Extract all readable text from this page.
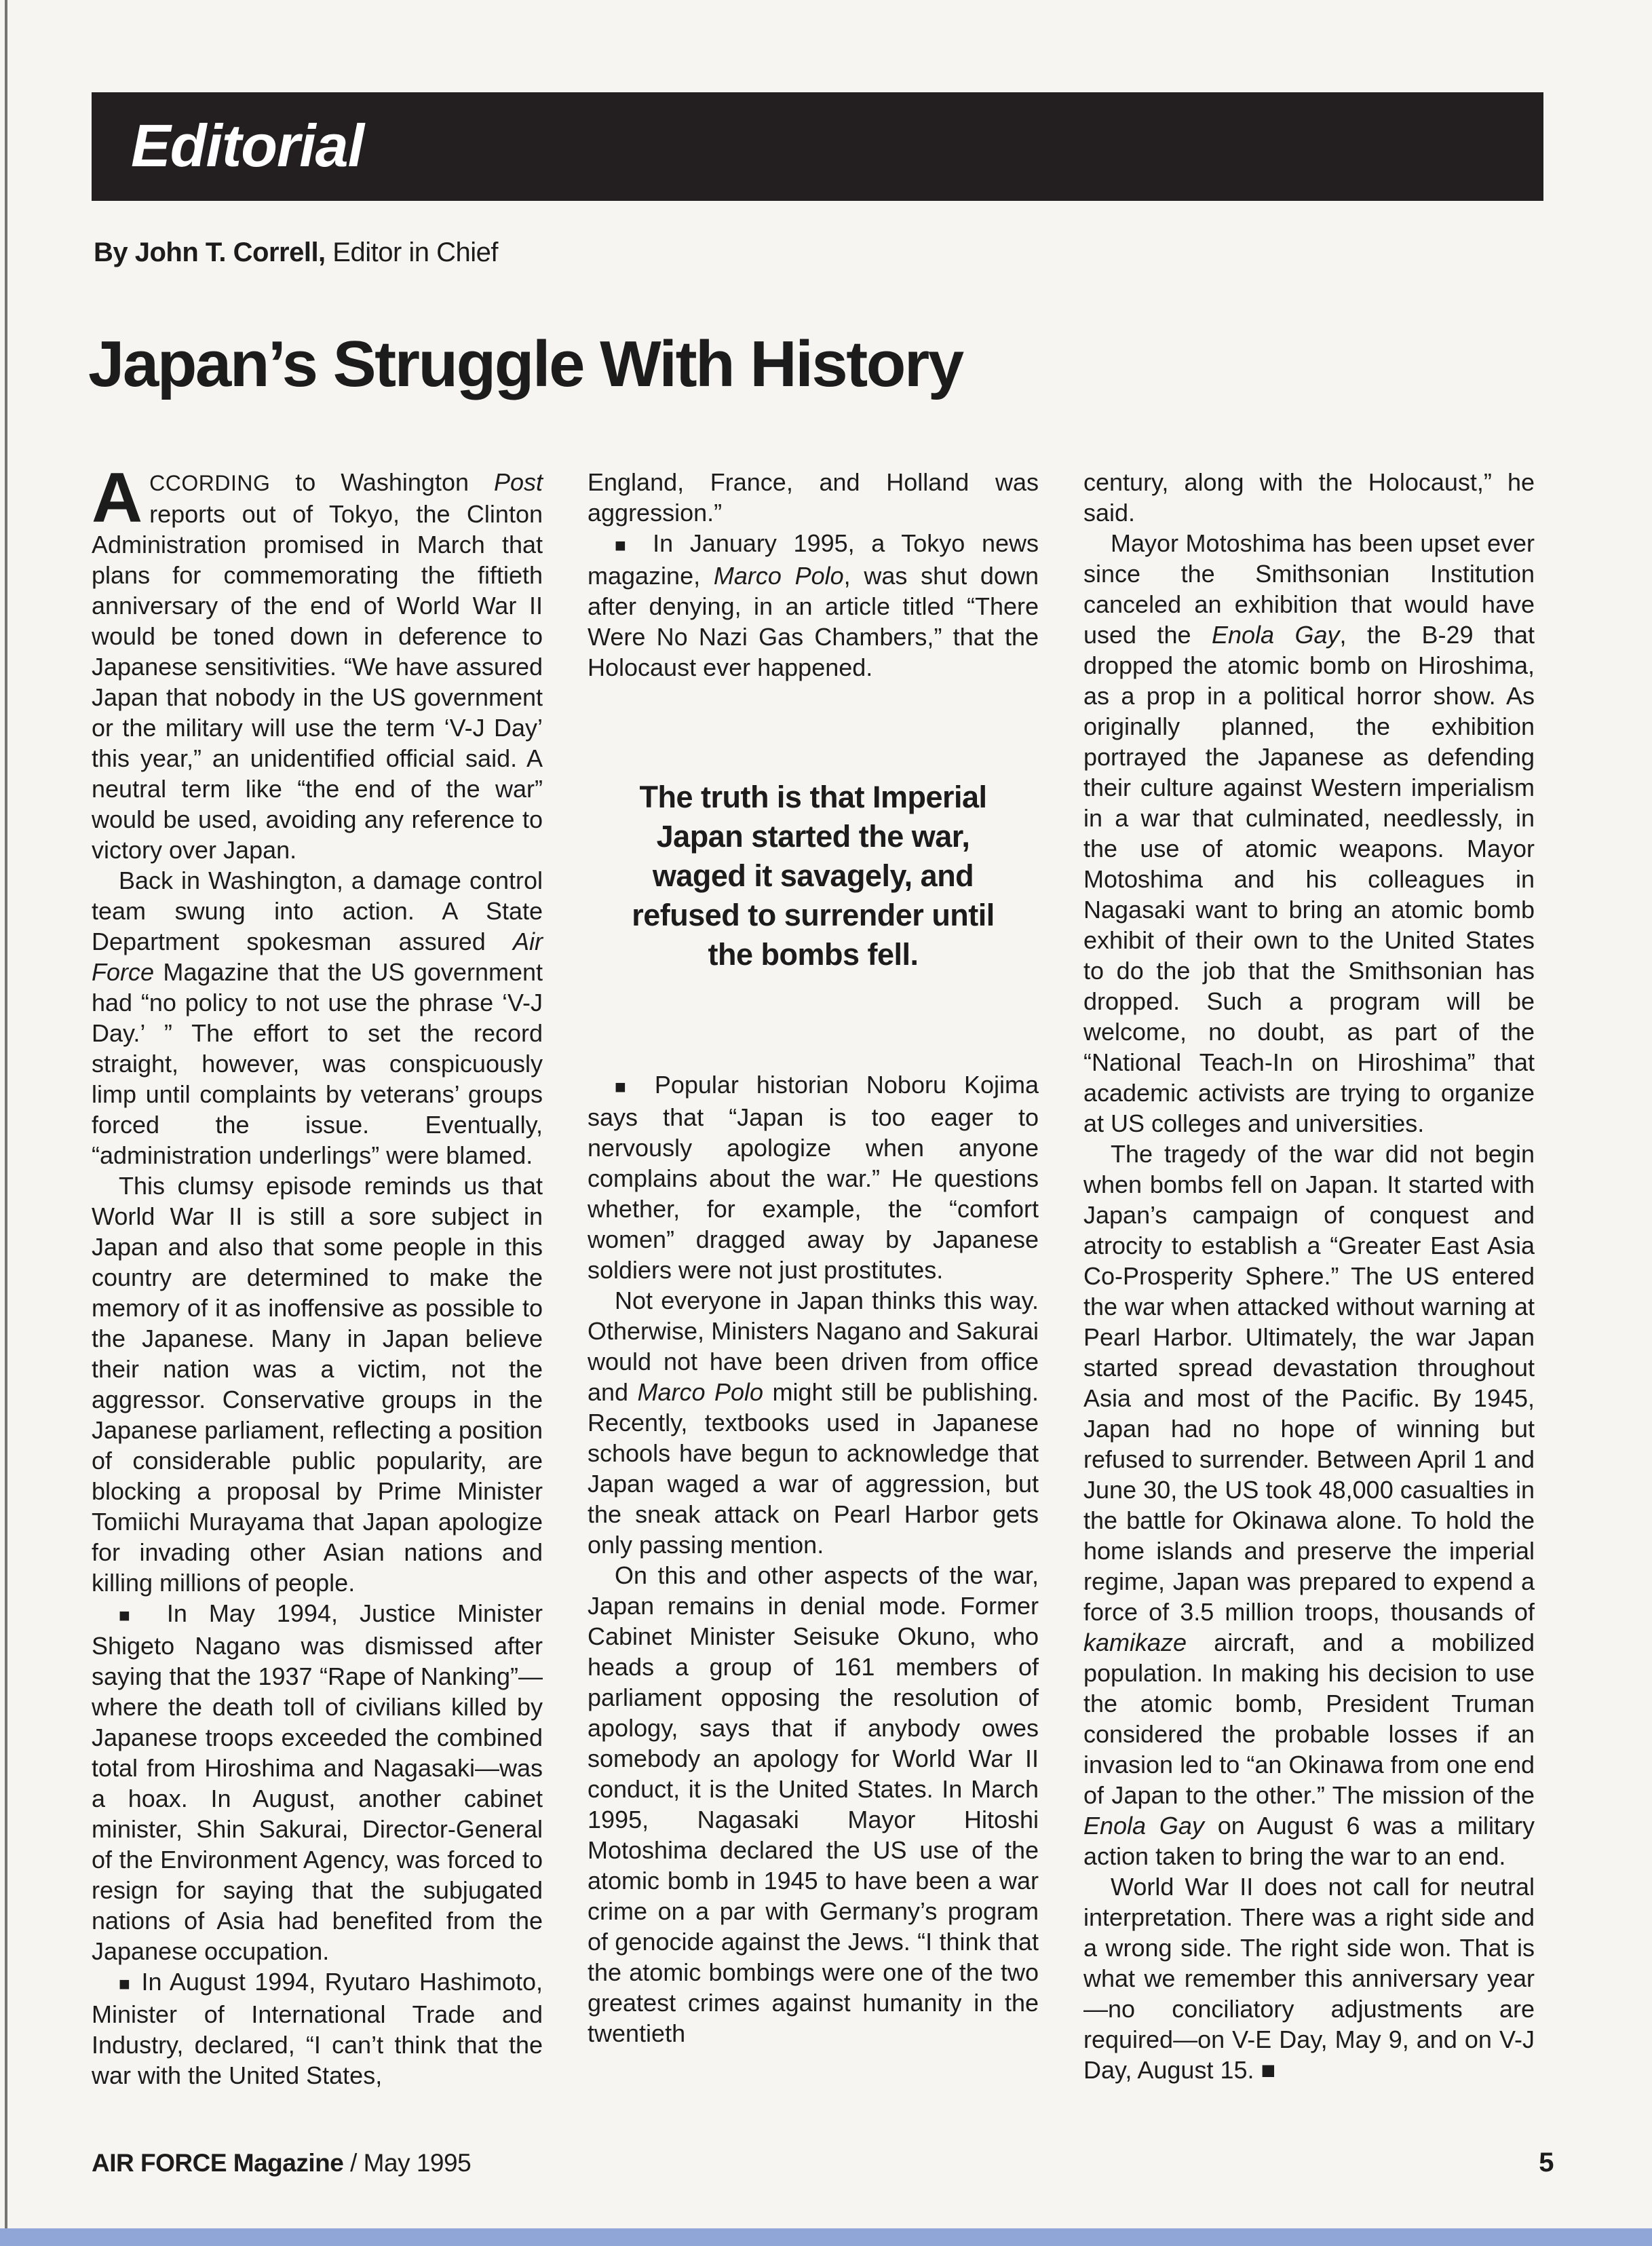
Editorial
By John T. Correll, Editor in Chief
Japan’s Struggle With History

ACCORDING to Washington Post reports out of Tokyo, the Clinton Administration promised in March that plans for commemorating the fiftieth anniversary of the end of World War II would be toned down in deference to Japanese sensitivities. “We have assured Japan that nobody in the US government or the military will use the term ‘V-J Day’ this year,” an unidentified official said. A neutral term like “the end of the war” would be used, avoiding any reference to victory over Japan.

Back in Washington, a damage control team swung into action. A State Department spokesman assured Air Force Magazine that the US government had “no policy to not use the phrase ‘V-J Day.’ ” The effort to set the record straight, however, was conspicuously limp until complaints by veterans’ groups forced the issue. Eventually, “administration underlings” were blamed.

This clumsy episode reminds us that World War II is still a sore subject in Japan and also that some people in this country are determined to make the memory of it as inoffensive as possible to the Japanese. Many in Japan believe their nation was a victim, not the aggressor. Conservative groups in the Japanese parliament, reflecting a position of considerable public popularity, are blocking a proposal by Prime Minister Tomiichi Murayama that Japan apologize for invading other Asian nations and killing millions of people.

■ In May 1994, Justice Minister Shigeto Nagano was dismissed after saying that the 1937 “Rape of Nanking”—where the death toll of civilians killed by Japanese troops exceeded the combined total from Hiroshima and Nagasaki—was a hoax. In August, another cabinet minister, Shin Sakurai, Director-General of the Environment Agency, was forced to resign for saying that the subjugated nations of Asia had benefited from the Japanese occupation.

■ In August 1994, Ryutaro Hashimoto, Minister of International Trade and Industry, declared, “I can’t think that the war with the United States,

England, France, and Holland was aggression.”

■ In January 1995, a Tokyo news magazine, Marco Polo, was shut down after denying, in an article titled “There Were No Nazi Gas Chambers,” that the Holocaust ever happened.

The truth is that Imperial Japan started the war, waged it savagely, and refused to surrender until the bombs fell.

■ Popular historian Noboru Kojima says that “Japan is too eager to nervously apologize when anyone complains about the war.” He questions whether, for example, the “comfort women” dragged away by Japanese soldiers were not just prostitutes.

Not everyone in Japan thinks this way. Otherwise, Ministers Nagano and Sakurai would not have been driven from office and Marco Polo might still be publishing. Recently, textbooks used in Japanese schools have begun to acknowledge that Japan waged a war of aggression, but the sneak attack on Pearl Harbor gets only passing mention.

On this and other aspects of the war, Japan remains in denial mode. Former Cabinet Minister Seisuke Okuno, who heads a group of 161 members of parliament opposing the resolution of apology, says that if anybody owes somebody an apology for World War II conduct, it is the United States. In March 1995, Nagasaki Mayor Hitoshi Motoshima declared the US use of the atomic bomb in 1945 to have been a war crime on a par with Germany’s program of genocide against the Jews. “I think that the atomic bombings were one of the two greatest crimes against humanity in the twentieth

century, along with the Holocaust,” he said.

Mayor Motoshima has been upset ever since the Smithsonian Institution canceled an exhibition that would have used the Enola Gay, the B-29 that dropped the atomic bomb on Hiroshima, as a prop in a political horror show. As originally planned, the exhibition portrayed the Japanese as defending their culture against Western imperialism in a war that culminated, needlessly, in the use of atomic weapons. Mayor Motoshima and his colleagues in Nagasaki want to bring an atomic bomb exhibit of their own to the United States to do the job that the Smithsonian has dropped. Such a program will be welcome, no doubt, as part of the “National Teach-In on Hiroshima” that academic activists are trying to organize at US colleges and universities.

The tragedy of the war did not begin when bombs fell on Japan. It started with Japan’s campaign of conquest and atrocity to establish a “Greater East Asia Co-Prosperity Sphere.” The US entered the war when attacked without warning at Pearl Harbor. Ultimately, the war Japan started spread devastation throughout Asia and most of the Pacific. By 1945, Japan had no hope of winning but refused to surrender. Between April 1 and June 30, the US took 48,000 casualties in the battle for Okinawa alone. To hold the home islands and preserve the imperial regime, Japan was prepared to expend a force of 3.5 million troops, thousands of kamikaze aircraft, and a mobilized population. In making his decision to use the atomic bomb, President Truman considered the probable losses if an invasion led to “an Okinawa from one end of Japan to the other.” The mission of the Enola Gay on August 6 was a military action taken to bring the war to an end.

World War II does not call for neutral interpretation. There was a right side and a wrong side. The right side won. That is what we remember this anniversary year—no conciliatory adjustments are required—on V-E Day, May 9, and on V-J Day, August 15. ■

AIR FORCE Magazine / May 1995	5
